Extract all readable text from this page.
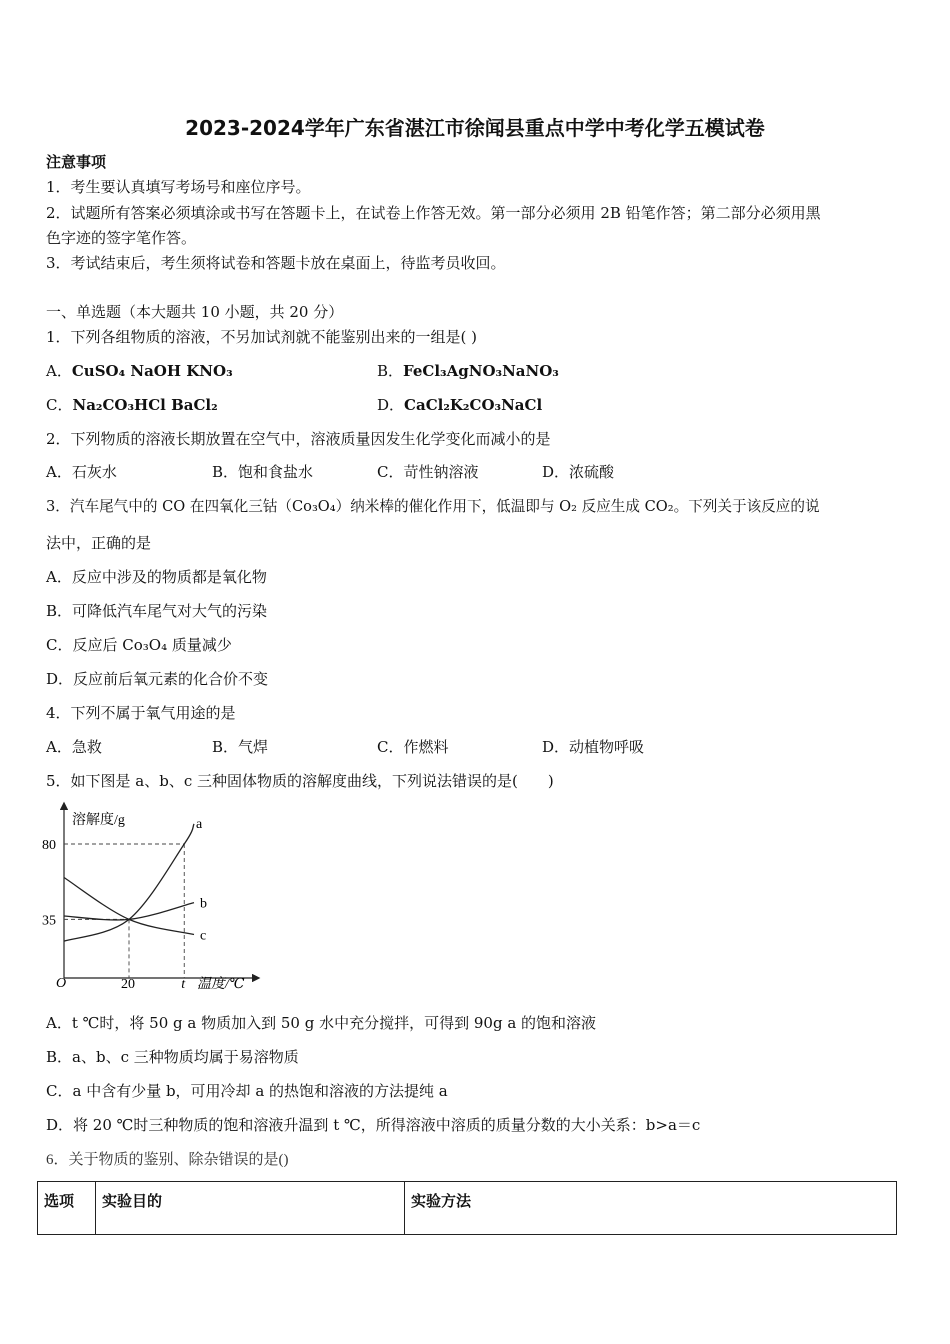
2023-2024学年广东省湛江市徐闻县重点中学中考化学五模试卷
注意事项
1．考生要认真填写考场号和座位序号。
2．试题所有答案必须填涂或书写在答题卡上，在试卷上作答无效。第一部分必须用 2B 铅笔作答；第二部分必须用黑
色字迹的签字笔作答。
3．考试结束后，考生须将试卷和答题卡放在桌面上，待监考员收回。
一、单选题（本大题共 10 小题，共 20 分）
1．下列各组物质的溶液，不另加试剂就不能鉴别出来的一组是( )
A．CuSO₄ NaOH KNO₃	B．FeCl₃AgNO₃NaNO₃
C．Na₂CO₃HCl BaCl₂	D．CaCl₂K₂CO₃NaCl
2．下列物质的溶液长期放置在空气中，溶液质量因发生化学变化而减小的是
A．石灰水	B．饱和食盐水	C．苛性钠溶液	D．浓硫酸
3．汽车尾气中的 CO 在四氧化三钴（Co₃O₄）纳米棒的催化作用下，低温即与 O₂ 反应生成 CO₂。下列关于该反应的说
法中，正确的是
A．反应中涉及的物质都是氧化物
B．可降低汽车尾气对大气的污染
C．反应后 Co₃O₄ 质量减少
D．反应前后氧元素的化合价不变
4．下列不属于氧气用途的是
A．急救	B．气焊	C．作燃料	D．动植物呼吸
5．如下图是 a、b、c 三种固体物质的溶解度曲线，下列说法错误的是(　　)
溶解度/g
温度/℃
O
35
80
20	t
a
b
c
A．t ℃时，将 50 g a 物质加入到 50 g 水中充分搅拌，可得到 90g a 的饱和溶液
B．a、b、c 三种物质均属于易溶物质
C．a 中含有少量 b，可用冷却 a 的热饱和溶液的方法提纯 a
D．将 20 ℃时三种物质的饱和溶液升温到 t ℃，所得溶液中溶质的质量分数的大小关系：b>a＝c
6．关于物质的鉴别、除杂错误的是()
选项	实验目的	实验方法
